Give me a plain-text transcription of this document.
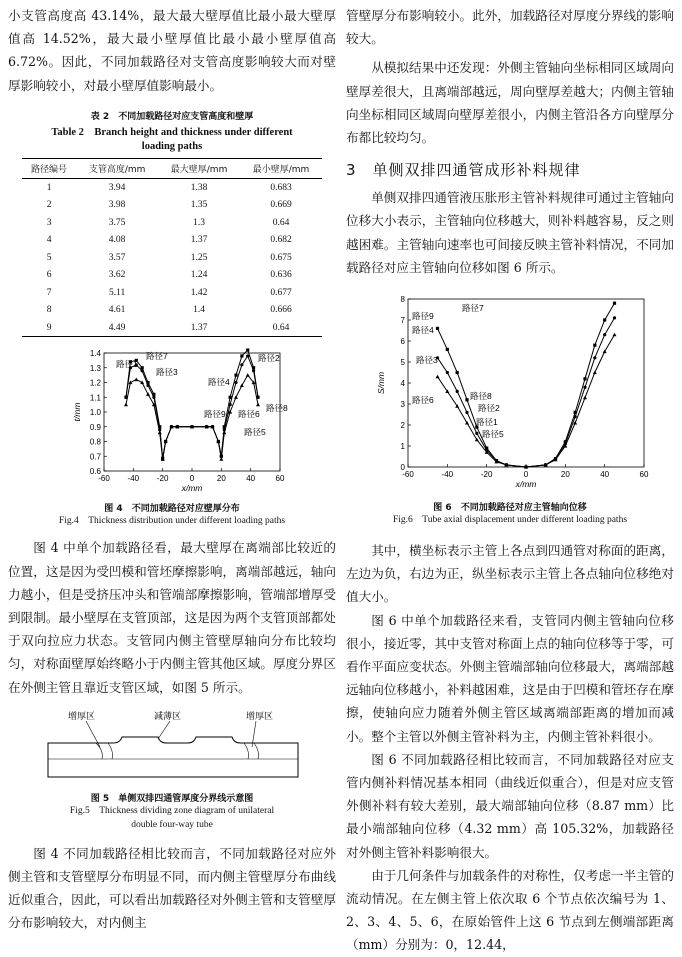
小支管高度高 43.14%，最大最大壁厚值比最小最大壁厚值高 14.52%，最大最小壁厚值比最小最小壁厚值高 6.72%。因此，不同加载路径对支管高度影响较大而对壁厚影响较小，对最小壁厚值影响最小。

表 2　不同加载路径对应支管高度和壁厚

Table 2　Branch height and thickness under different

loading paths

路径编号	支管高度/mm	最大壁厚/mm	最小壁厚/mm
1	3.94	1.38	0.683
2	3.98	1.35	0.669
3	3.75	1.3	0.64
4	4.08	1.37	0.682
5	3.57	1.25	0.675
6	3.62	1.24	0.636
7	5.11	1.42	0.677
8	4.61	1.4	0.666
9	4.49	1.37	0.64
-60 -40 -20	0	20	40	60
0.6
0.7
0.8
0.9
1.0
1.1
1.2
1.3
1.4
x/mm
t/mm
路径7
路径1
路径3
路径4
路径2
路径9 路径6
路径8
路径5

图 4　不同加载路径对应壁厚分布

Fig.4　Thickness distribution under different loading paths

图 4 中单个加载路径看，最大壁厚在离端部比较近的位置，这是因为受凹模和管坯摩擦影响，离端部越远，轴向力越小，但是受挤压冲头和管端部摩擦影响，管端部增厚受到限制。最小壁厚在支管顶部，这是因为两个支管顶部都处于双向拉应力状态。支管同内侧主管壁厚轴向分布比较均匀，对称面壁厚始终略小于内侧主管其他区域。厚度分界区在外侧主管且靠近支管区域，如图 5 所示。

增厚区	减薄区	增厚区

图 5　单侧双排四通管厚度分界线示意图

Fig.5　Thickness dividing zone diagram of unilateral

double four-way tube

图 4 不同加载路径相比较而言，不同加载路径对应外侧主管和支管壁厚分布明显不同，而内侧主管壁厚分布曲线近似重合，因此，可以看出加载路径对外侧主管和支管壁厚分布影响较大，对内侧主

管壁厚分布影响较小。此外，加载路径对厚度分界线的影响较大。

从模拟结果中还发现：外侧主管轴向坐标相同区域周向壁厚差很大，且离端部越远，周向壁厚差越大；内侧主管轴向坐标相同区域周向壁厚差很小，内侧主管沿各方向壁厚分布都比较均匀。

3　单侧双排四通管成形补料规律

单侧双排四通管液压胀形主管补料规律可通过主管轴向位移大小表示，主管轴向位移越大，则补料越容易，反之则越困难。主管轴向速率也可间接反映主管补料情况，不同加载路径对应主管轴向位移如图 6 所示。

-60	-40	-20	0	20	40	60
0
1
2
3
4
5
6
7
8
x/mm
S/mm
路径7
路径9
路径4
路径3
路径6	路径8
路径2
路径1
路径5

图 6　不同加载路径对应主管轴向位移

Fig.6　Tube axial displacement under different loading paths

其中，横坐标表示主管上各点到四通管对称面的距离，左边为负，右边为正，纵坐标表示主管上各点轴向位移绝对值大小。

图 6 中单个加载路径来看，支管同内侧主管轴向位移很小，接近零，其中支管对称面上点的轴向位移等于零，可看作平面应变状态。外侧主管端部轴向位移最大，离端部越远轴向位移越小，补料越困难，这是由于凹模和管坯存在摩擦，使轴向应力随着外侧主管区域离端部距离的增加而减小。整个主管以外侧主管补料为主，内侧主管补料很小。

图 6 不同加载路径相比较而言，不同加载路径对应支管内侧补料情况基本相同（曲线近似重合），但是对应支管外侧补料有较大差别，最大端部轴向位移（8.87 mm）比最小端部轴向位移（4.32 mm）高 105.32%，加载路径对外侧主管补料影响很大。

由于几何条件与加载条件的对称性，仅考虑一半主管的流动情况。在左侧主管上依次取 6 个节点依次编号为 1、2、3、4、5、6，在原始管件上这 6 节点到左侧端部距离（mm）分别为：0，12.44，
